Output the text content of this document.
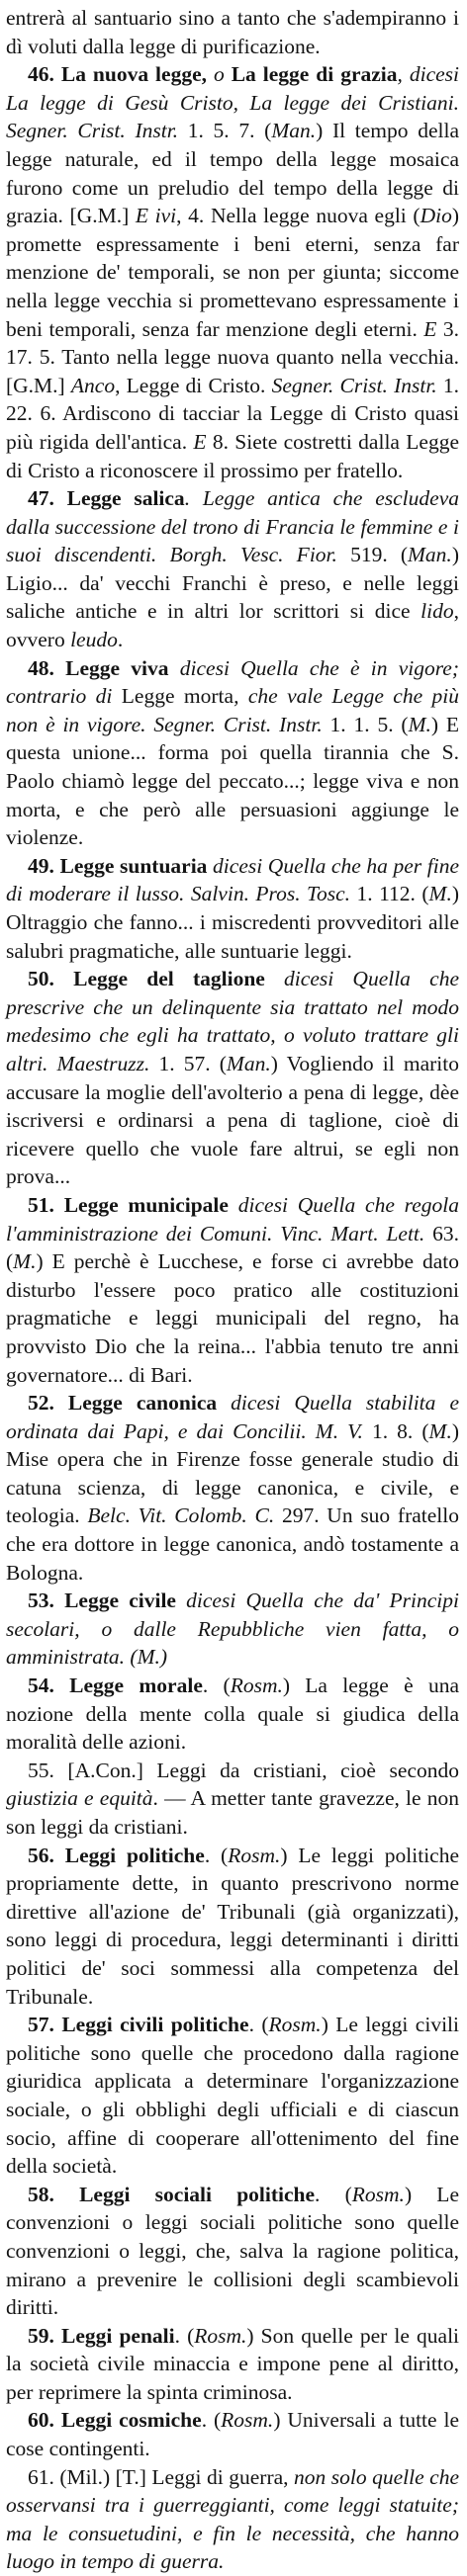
entrerà al santuario sino a tanto che s'adempiranno i dì voluti dalla legge di purificazione.

46. La nuova legge, o La legge di grazia, dicesi La legge di Gesù Cristo, La legge dei Cristiani. Segner. Crist. Instr. 1. 5. 7. (Man.) Il tempo della legge naturale, ed il tempo della legge mosaica furono come un preludio del tempo della legge di grazia. [G.M.] E ivi, 4. Nella legge nuova egli (Dio) promette espressamente i beni eterni, senza far menzione de' temporali, se non per giunta; siccome nella legge vecchia si promettevano espressamente i beni temporali, senza far menzione degli eterni. E 3. 17. 5. Tanto nella legge nuova quanto nella vecchia. [G.M.] Anco, Legge di Cristo. Segner. Crist. Instr. 1. 22. 6. Ardiscono di tacciar la Legge di Cristo quasi più rigida dell'antica. E 8. Siete costretti dalla Legge di Cristo a riconoscere il prossimo per fratello.

47. Legge salica. Legge antica che escludeva dalla successione del trono di Francia le femmine e i suoi discendenti. Borgh. Vesc. Fior. 519. (Man.) Ligio... da' vecchi Franchi è preso, e nelle leggi saliche antiche e in altri lor scrittori si dice lido, ovvero leudo.

48. Legge viva dicesi Quella che è in vigore; contrario di Legge morta, che vale Legge che più non è in vigore. Segner. Crist. Instr. 1. 1. 5. (M.) E questa unione... forma poi quella tirannia che S. Paolo chiamò legge del peccato...; legge viva e non morta, e che però alle persuasioni aggiunge le violenze.

49. Legge suntuaria dicesi Quella che ha per fine di moderare il lusso. Salvin. Pros. Tosc. 1. 112. (M.) Oltraggio che fanno... i miscredenti provveditori alle salubri pragmatiche, alle suntuarie leggi.

50. Legge del taglione dicesi Quella che prescrive che un delinquente sia trattato nel modo medesimo che egli ha trattato, o voluto trattare gli altri. Maestruzz. 1. 57. (Man.) Vogliendo il marito accusare la moglie dell'avolterio a pena di legge, dèe iscriversi e ordinarsi a pena di taglione, cioè di ricevere quello che vuole fare altrui, se egli non prova...

51. Legge municipale dicesi Quella che regola l'amministrazione dei Comuni. Vinc. Mart. Lett. 63. (M.) E perchè è Lucchese, e forse ci avrebbe dato disturbo l'essere poco pratico alle costituzioni pragmatiche e leggi municipali del regno, ha provvisto Dio che la reina... l'abbia tenuto tre anni governatore... di Bari.

52. Legge canonica dicesi Quella stabilita e ordinata dai Papi, e dai Concilii. M. V. 1. 8. (M.) Mise opera che in Firenze fosse generale studio di catuna scienza, di legge canonica, e civile, e teologia. Belc. Vit. Colomb. C. 297. Un suo fratello che era dottore in legge canonica, andò tostamente a Bologna.

53. Legge civile dicesi Quella che da' Principi secolari, o dalle Repubbliche vien fatta, o amministrata. (M.)

54. Legge morale. (Rosm.) La legge è una nozione della mente colla quale si giudica della moralità delle azioni.

55. [A.Con.] Leggi da cristiani, cioè secondo giustizia e equità. — A metter tante gravezze, le non son leggi da cristiani.

56. Leggi politiche. (Rosm.) Le leggi politiche propriamente dette, in quanto prescrivono norme direttive all'azione de' Tribunali (già organizzati), sono leggi di procedura, leggi determinanti i diritti politici de' soci sommessi alla competenza del Tribunale.

57. Leggi civili politiche. (Rosm.) Le leggi civili politiche sono quelle che procedono dalla ragione giuridica applicata a determinare l'organizzazione sociale, o gli obblighi degli ufficiali e di ciascun socio, affine di cooperare all'ottenimento del fine della società.

58. Leggi sociali politiche. (Rosm.) Le convenzioni o leggi sociali politiche sono quelle convenzioni o leggi, che, salva la ragione politica, mirano a prevenire le collisioni degli scambievoli diritti.

59. Leggi penali. (Rosm.) Son quelle per le quali la società civile minaccia e impone pene al diritto, per reprimere la spinta criminosa.

60. Leggi cosmiche. (Rosm.) Universali a tutte le cose contingenti.

61. (Mil.) [T.] Leggi di guerra, non solo quelle che osservansi tra i guerreggianti, come leggi statuite; ma le consuetudini, e fin le necessità, che hanno luogo in tempo di guerra.
